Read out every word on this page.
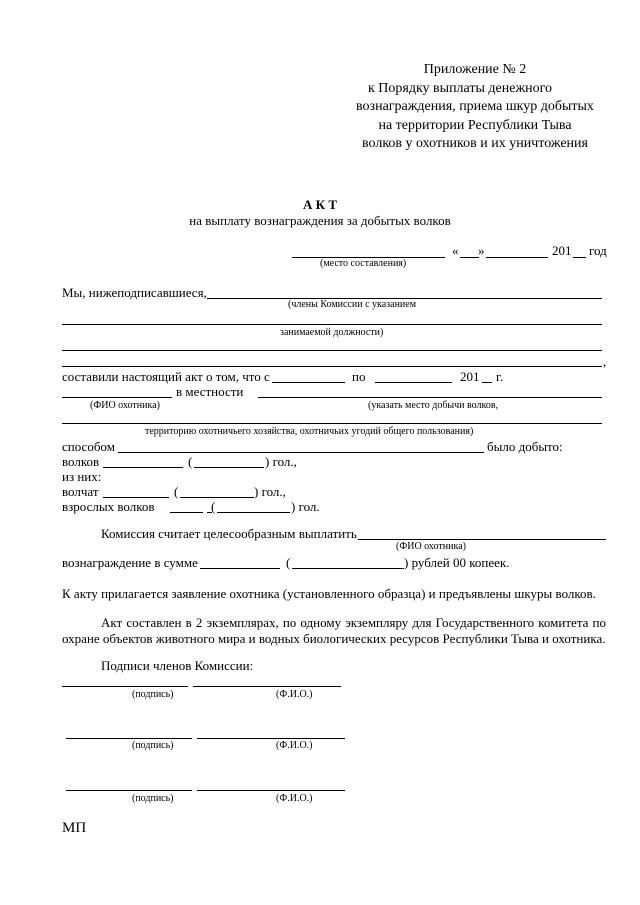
Приложение № 2
к Порядку выплаты денежного
вознаграждения, приема шкур добытых
на территории Республики Тыва
волков у охотников и их уничтожения
А К Т
на выплату вознаграждения за добытых волков
« »	201 год
(место составления)
Мы, нижеподписавшиеся,
(члены Комиссии с указанием
занимаемой должности)
,
составили настоящий акт о том, что с	по	201 г.
в местности
(ФИО охотника)	(указать место добычи волков,
территорию охотничьего хозяйства, охотничьих угодий общего пользования)
способом	было добыто:
волков	(	) гол.,
из них:
волчат	(	) гол.,
взрослых волков	(	) гол.
Комиссия считает целесообразным выплатить
(ФИО охотника)
вознаграждение в сумме	(	) рублей 00 копеек.
К акту прилагается заявление охотника (установленного образца) и предъявлены шкуры волков.
Акт составлен в 2 экземплярах, по одному экземпляру для Государственного комитета по
охране объектов животного мира и водных биологических ресурсов Республики Тыва и охотника.
Подписи членов Комиссии:
(подпись)	(Ф.И.О.)
(подпись)	(Ф.И.О.)
(подпись)	(Ф.И.О.)
МП
